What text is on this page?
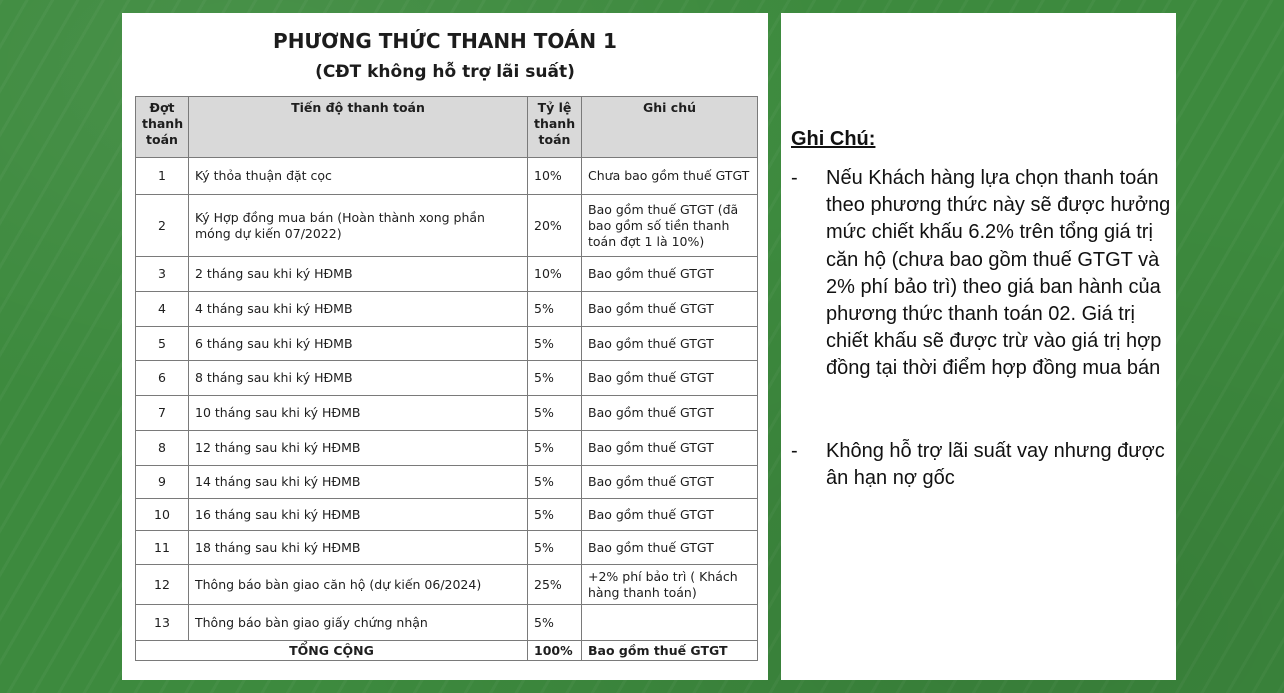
PHƯƠNG THỨC THANH TOÁN 1
(CĐT không hỗ trợ lãi suất)
Đợt thanh toán	Tiến độ thanh toán	Tỷ lệ thanh toán	Ghi chú
1	Ký thỏa thuận đặt cọc	10%	Chưa bao gồm thuế GTGT
2	Ký Hợp đồng mua bán (Hoàn thành xong phần móng dự kiến 07/2022)	20%	Bao gồm thuế GTGT (đã bao gồm số tiền thanh toán đợt 1 là 10%)
3	2 tháng sau khi ký HĐMB	10%	Bao gồm thuế GTGT
4	4 tháng sau khi ký HĐMB	5%	Bao gồm thuế GTGT
5	6 tháng sau khi ký HĐMB	5%	Bao gồm thuế GTGT
6	8 tháng sau khi ký HĐMB	5%	Bao gồm thuế GTGT
7	10 tháng sau khi ký HĐMB	5%	Bao gồm thuế GTGT
8	12 tháng sau khi ký HĐMB	5%	Bao gồm thuế GTGT
9	14 tháng sau khi ký HĐMB	5%	Bao gồm thuế GTGT
10	16 tháng sau khi ký HĐMB	5%	Bao gồm thuế GTGT
11	18 tháng sau khi ký HĐMB	5%	Bao gồm thuế GTGT
12	Thông báo bàn giao căn hộ (dự kiến 06/2024)	25%	+2% phí bảo trì ( Khách hàng thanh toán)
13	Thông báo bàn giao giấy chứng nhận	5%	
TỔNG CỘNG		100%	Bao gồm thuế GTGT
Ghi Chú:
- Nếu Khách hàng lựa chọn thanh toán theo phương thức này sẽ được hưởng mức chiết khấu 6.2% trên tổng giá trị căn hộ (chưa bao gồm thuế GTGT và 2% phí bảo trì) theo giá ban hành của phương thức thanh toán 02. Giá trị chiết khấu sẽ được trừ vào giá trị hợp đồng tại thời điểm hợp đồng mua bán
- Không hỗ trợ lãi suất vay nhưng được ân hạn nợ gốc
